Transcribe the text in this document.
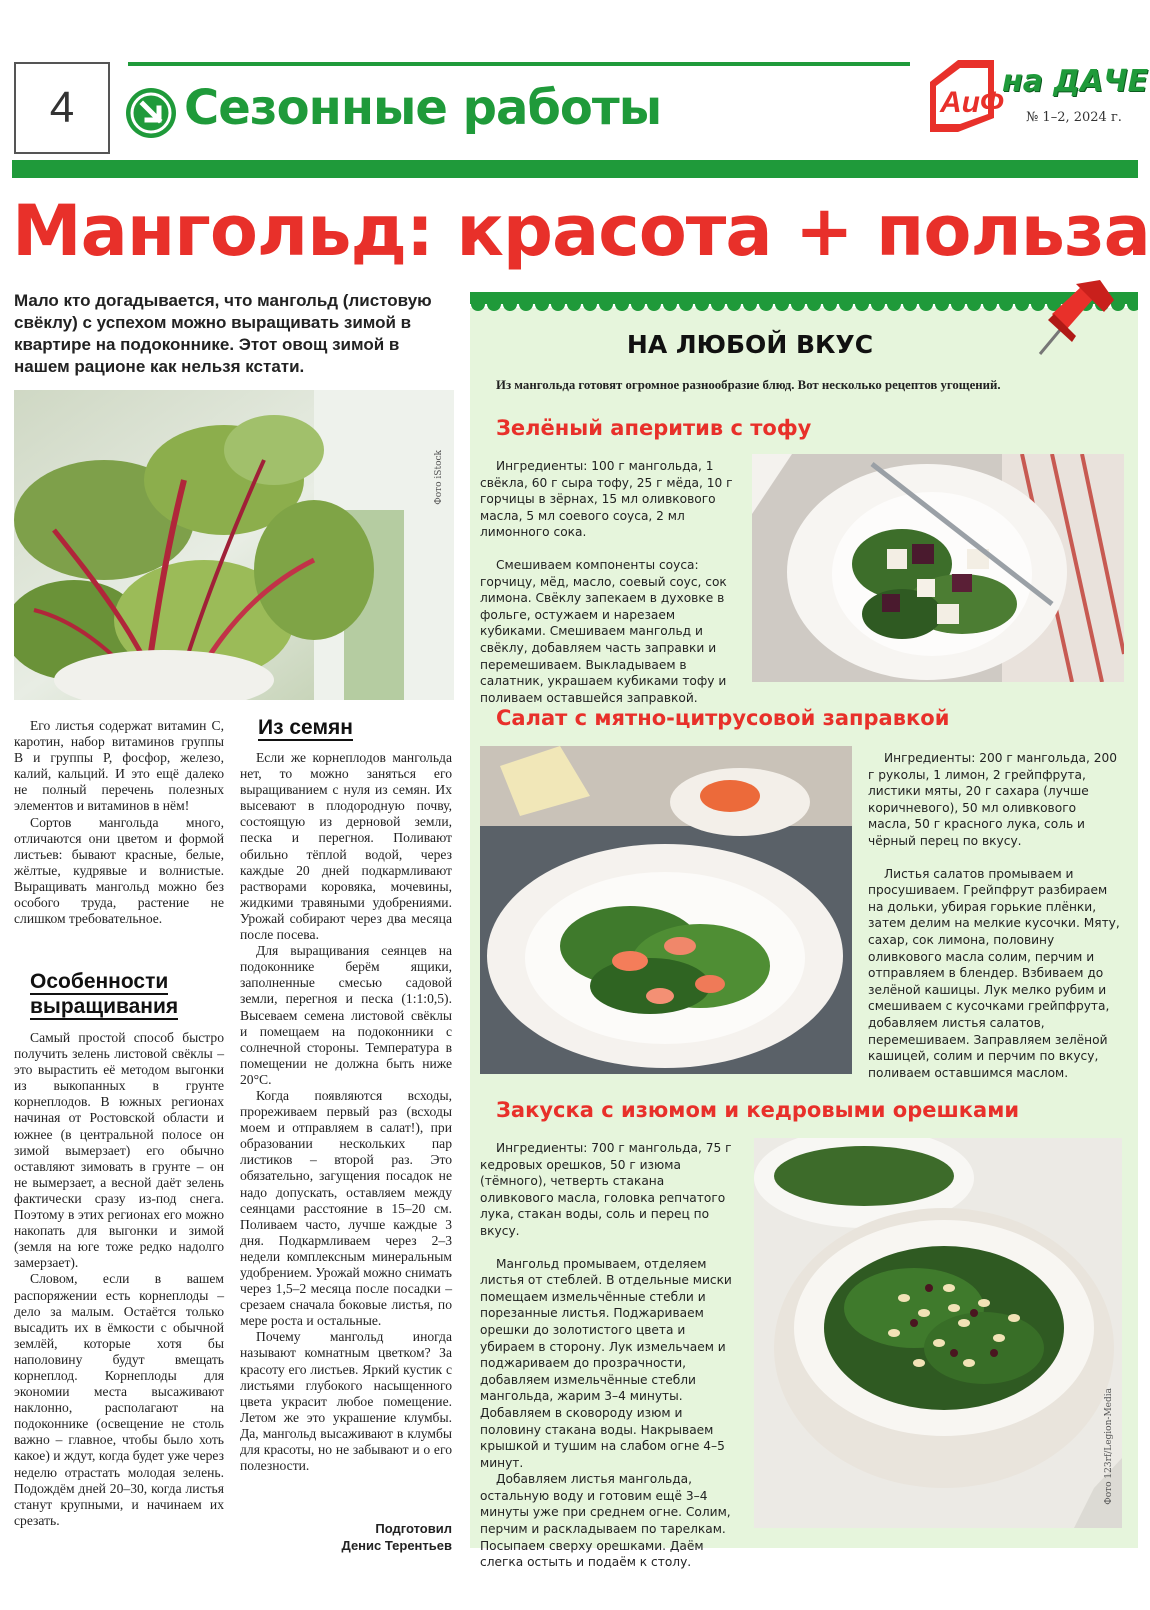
4	Сезонные работы	АиФ
на ДАЧЕ
№ 1–2, 2024 г.
Мангольд: красота + польза
Мало кто догадывается, что мангольд (листовую свёклу) с успехом можно выращивать зимой в квартире на подоконнике. Этот овощ зимой в нашем рационе как нельзя кстати.
Фото iStock

Его листья содержат витамин С, каротин, набор витаминов группы В и группы Р, фосфор, железо, калий, кальций. И это ещё далеко не полный перечень полезных элементов и витаминов в нём!

Сортов мангольда много, отличаются они цветом и формой листьев: бывают красные, белые, жёлтые, кудрявые и волнистые. Выращивать мангольд можно без особого труда, растение не слишком требовательное.

Особенности
выращивания

Самый простой способ быстро получить зелень листовой свёклы – это вырастить её методом выгонки из выкопанных в грунте корнеплодов. В южных регионах начиная от Ростовской области и южнее (в центральной полосе он зимой вымерзает) его обычно оставляют зимовать в грунте – он не вымерзает, а весной даёт зелень фактически сразу из-под снега. Поэтому в этих регионах его можно накопать для выгонки и зимой (земля на юге тоже редко надолго замерзает).

Словом, если в вашем распоряжении есть корнеплоды – дело за малым. Остаётся только высадить их в ёмкости с обычной землёй, которые хотя бы наполовину будут вмещать корнеплод. Корнеплоды для экономии места высаживают наклонно, располагают на подоконнике (освещение не столь важно – главное, чтобы было хоть какое) и ждут, когда будет уже через неделю отрастать молодая зелень. Подождём дней 20–30, когда листья станут крупными, и начинаем их срезать.

Из семян

Если же корнеплодов мангольда нет, то можно заняться его выращиванием с нуля из семян. Их высевают в плодородную почву, состоящую из дерновой земли, песка и перегноя. Поливают обильно тёплой водой, через каждые 20 дней подкармливают растворами коровяка, мочевины, жидкими травяными удобрениями. Урожай собирают через два месяца после посева.

Для выращивания сеянцев на подоконнике берём ящики, заполненные смесью садовой земли, перегноя и песка (1:1:0,5). Высеваем семена листовой свёклы и помещаем на подоконники с солнечной стороны. Температура в помещении не должна быть ниже 20°С.

Когда появляются всходы, прореживаем первый раз (всходы моем и отправляем в салат!), при образовании нескольких пар листиков – второй раз. Это обязательно, загущения посадок не надо допускать, оставляем между сеянцами расстояние в 15–20 см. Поливаем часто, лучше каждые 3 дня. Подкармливаем через 2–3 недели комплексным минеральным удобрением. Урожай можно снимать через 1,5–2 месяца после посадки – срезаем сначала боковые листья, по мере роста и остальные.

Почему мангольд иногда называют комнатным цветком? За красоту его листьев. Яркий кустик с листьями глубокого насыщенного цвета украсит любое помещение. Летом же это украшение клумбы. Да, мангольд высаживают в клумбы для красоты, но не забывают и о его полезности.

Подготовил
Денис Терентьев
НА ЛЮБОЙ ВКУС
Из мангольда готовят огромное разнообразие блюд. Вот несколько рецептов угощений.
Зелёный аперитив с тофу

Ингредиенты: 100 г мангольда, 1 свёкла, 60 г сыра тофу, 25 г мёда, 10 г горчицы в зёрнах, 15 мл оливкового масла, 5 мл соевого соуса, 2 мл лимонного сока.

Смешиваем компоненты соуса: горчицу, мёд, масло, соевый соус, сок лимона. Свёклу запекаем в духовке в фольге, остужаем и нарезаем кубиками. Смешиваем мангольд и свёклу, добавляем часть заправки и перемешиваем. Выкладываем в салатник, украшаем кубиками тофу и поливаем оставшейся заправкой.

Салат с мятно-цитрусовой заправкой

Ингредиенты: 200 г мангольда, 200 г руколы, 1 лимон, 2 грейпфрута, листики мяты, 20 г сахара (лучше коричневого), 50 мл оливкового масла, 50 г красного лука, соль и чёрный перец по вкусу.

Листья салатов промываем и просушиваем. Грейпфрут разбираем на дольки, убирая горькие плёнки, затем делим на мелкие кусочки. Мяту, сахар, сок лимона, половину оливкового масла солим, перчим и отправляем в блендер. Взбиваем до зелёной кашицы. Лук мелко рубим и смешиваем с кусочками грейпфрута, добавляем листья салатов, перемешиваем. Заправляем зелёной кашицей, солим и перчим по вкусу, поливаем оставшимся маслом.

Закуска с изюмом и кедровыми орешками

Ингредиенты: 700 г мангольда, 75 г кедровых орешков, 50 г изюма (тёмного), четверть стакана оливкового масла, головка репчатого лука, стакан воды, соль и перец по вкусу.

Мангольд промываем, отделяем листья от стеблей. В отдельные миски помещаем измельчённые стебли и порезанные листья. Поджариваем орешки до золотистого цвета и убираем в сторону. Лук измельчаем и поджариваем до прозрачности, добавляем измельчённые стебли мангольда, жарим 3–4 минуты. Добавляем в сковороду изюм и половину стакана воды. Накрываем крышкой и тушим на слабом огне 4–5 минут.

Добавляем листья мангольда, остальную воду и готовим ещё 3–4 минуты уже при среднем огне. Солим, перчим и раскладываем по тарелкам. Посыпаем сверху орешками. Даём слегка остыть и подаём к столу.

Фото 123rf/Legion-Media
